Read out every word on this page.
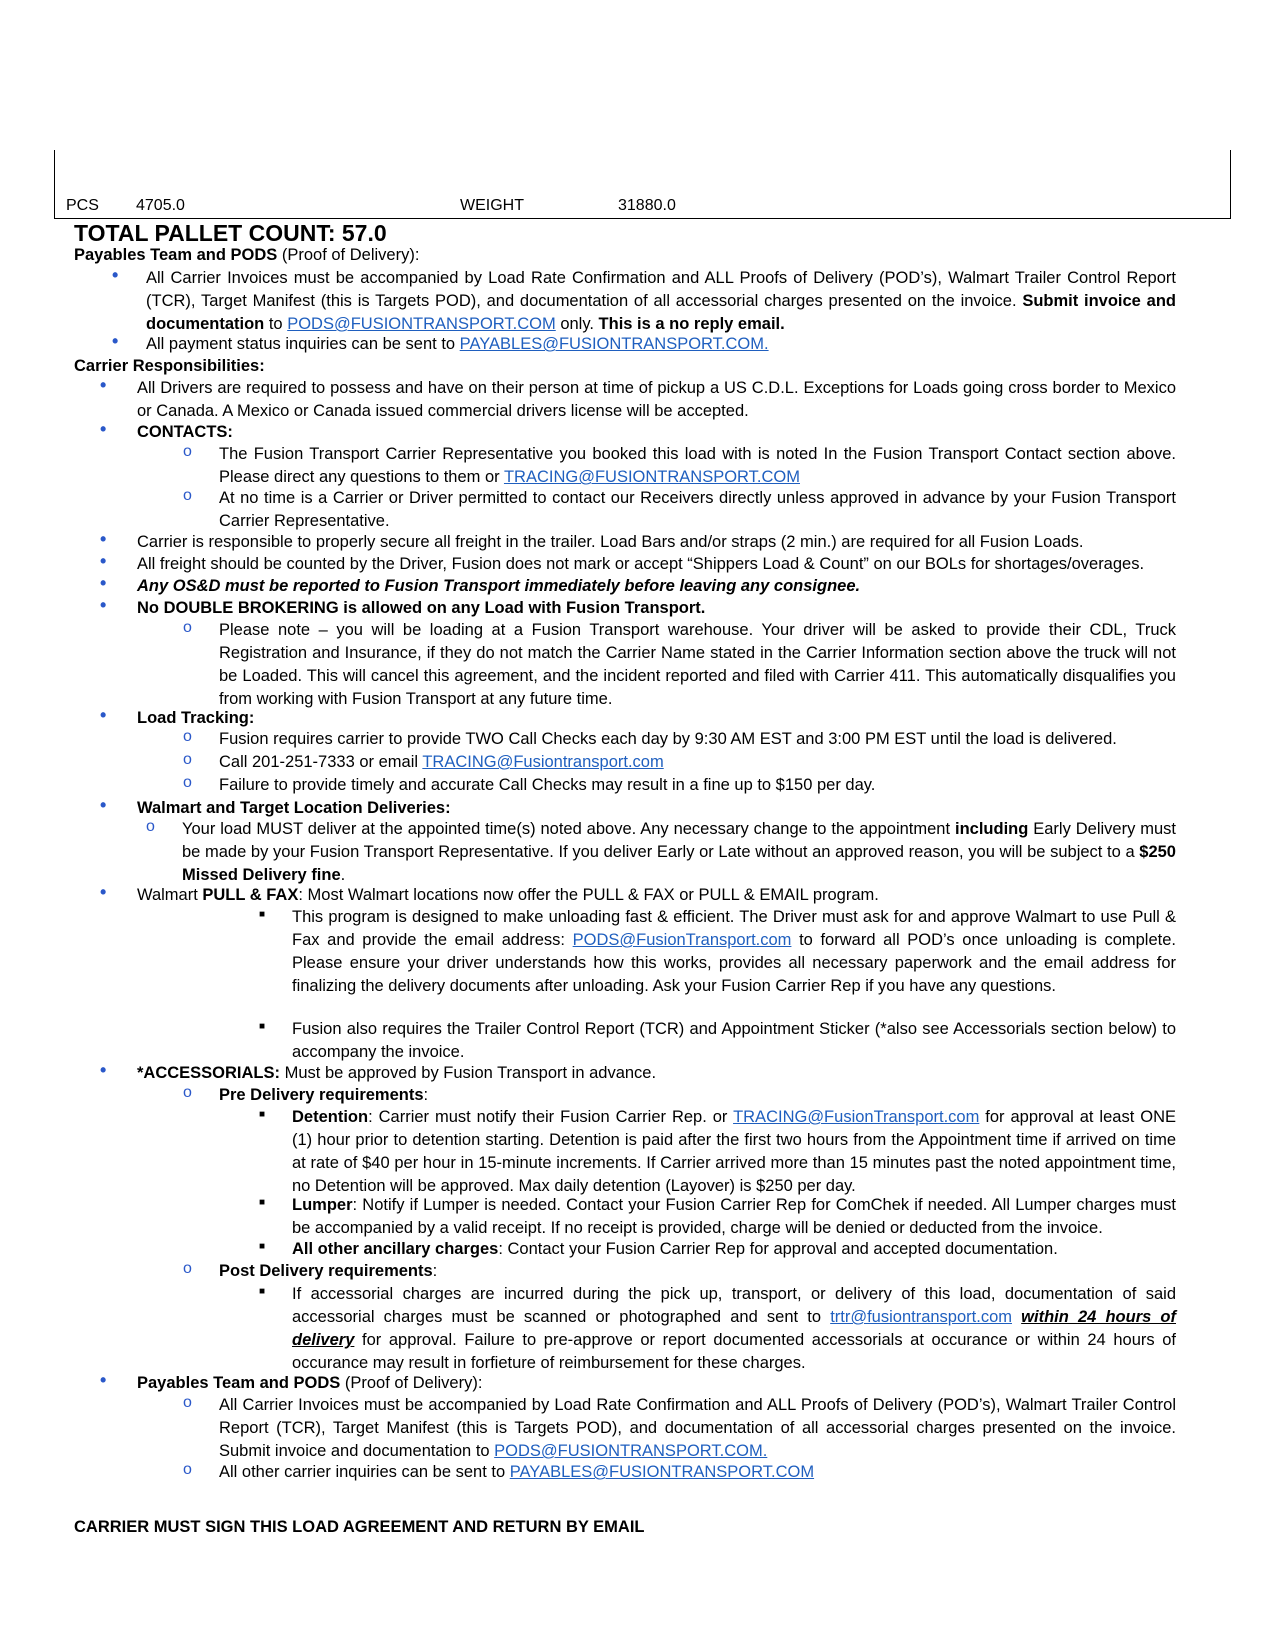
PCS 4705.0	WEIGHT	31880.0
TOTAL PALLET COUNT: 57.0
Payables Team and PODS (Proof of Delivery):
• All Carrier Invoices must be accompanied by Load Rate Confirmation and ALL Proofs of Delivery (POD’s), Walmart Trailer Control Report (TCR), Target Manifest (this is Targets POD), and documentation of all accessorial charges presented on the invoice. Submit invoice and documentation to PODS@FUSIONTRANSPORT.COM only. This is a no reply email.
• All payment status inquiries can be sent to PAYABLES@FUSIONTRANSPORT.COM.
Carrier Responsibilities:
• All Drivers are required to possess and have on their person at time of pickup a US C.D.L. Exceptions for Loads going cross border to Mexico or Canada. A Mexico or Canada issued commercial drivers license will be accepted.
• CONTACTS:
o The Fusion Transport Carrier Representative you booked this load with is noted In the Fusion Transport Contact section above. Please direct any questions to them or TRACING@FUSIONTRANSPORT.COM
o At no time is a Carrier or Driver permitted to contact our Receivers directly unless approved in advance by your Fusion Transport Carrier Representative.
• Carrier is responsible to properly secure all freight in the trailer. Load Bars and/or straps (2 min.) are required for all Fusion Loads.
• All freight should be counted by the Driver, Fusion does not mark or accept “Shippers Load & Count” on our BOLs for shortages/overages.
• Any OS&D must be reported to Fusion Transport immediately before leaving any consignee.
• No DOUBLE BROKERING is allowed on any Load with Fusion Transport.
o Please note – you will be loading at a Fusion Transport warehouse. Your driver will be asked to provide their CDL, Truck Registration and Insurance, if they do not match the Carrier Name stated in the Carrier Information section above the truck will not be Loaded. This will cancel this agreement, and the incident reported and filed with Carrier 411. This automatically disqualifies you from working with Fusion Transport at any future time.
• Load Tracking:
o Fusion requires carrier to provide TWO Call Checks each day by 9:30 AM EST and 3:00 PM EST until the load is delivered.
o Call 201-251-7333 or email TRACING@Fusiontransport.com
o Failure to provide timely and accurate Call Checks may result in a fine up to $150 per day.
• Walmart and Target Location Deliveries:
o Your load MUST deliver at the appointed time(s) noted above. Any necessary change to the appointment including Early Delivery must be made by your Fusion Transport Representative. If you deliver Early or Late without an approved reason, you will be subject to a $250 Missed Delivery fine.
• Walmart PULL & FAX: Most Walmart locations now offer the PULL & FAX or PULL & EMAIL program.
■ This program is designed to make unloading fast & efficient. The Driver must ask for and approve Walmart to use Pull & Fax and provide the email address: PODS@FusionTransport.com to forward all POD’s once unloading is complete. Please ensure your driver understands how this works, provides all necessary paperwork and the email address for finalizing the delivery documents after unloading. Ask your Fusion Carrier Rep if you have any questions.
■ Fusion also requires the Trailer Control Report (TCR) and Appointment Sticker (*also see Accessorials section below) to accompany the invoice.
• *ACCESSORIALS: Must be approved by Fusion Transport in advance.
o Pre Delivery requirements:
■ Detention: Carrier must notify their Fusion Carrier Rep. or TRACING@FusionTransport.com for approval at least ONE (1) hour prior to detention starting. Detention is paid after the first two hours from the Appointment time if arrived on time at rate of $40 per hour in 15-minute increments. If Carrier arrived more than 15 minutes past the noted appointment time, no Detention will be approved. Max daily detention (Layover) is $250 per day.
■ Lumper: Notify if Lumper is needed. Contact your Fusion Carrier Rep for ComChek if needed. All Lumper charges must be accompanied by a valid receipt. If no receipt is provided, charge will be denied or deducted from the invoice.
■ All other ancillary charges: Contact your Fusion Carrier Rep for approval and accepted documentation.
o Post Delivery requirements:
■ If accessorial charges are incurred during the pick up, transport, or delivery of this load, documentation of said accessorial charges must be scanned or photographed and sent to trtr@fusiontransport.com within 24 hours of delivery for approval. Failure to pre-approve or report documented accessorials at occurance or within 24 hours of occurance may result in forfieture of reimbursement for these charges.
• Payables Team and PODS (Proof of Delivery):
o All Carrier Invoices must be accompanied by Load Rate Confirmation and ALL Proofs of Delivery (POD’s), Walmart Trailer Control Report (TCR), Target Manifest (this is Targets POD), and documentation of all accessorial charges presented on the invoice. Submit invoice and documentation to PODS@FUSIONTRANSPORT.COM.
o All other carrier inquiries can be sent to PAYABLES@FUSIONTRANSPORT.COM
CARRIER MUST SIGN THIS LOAD AGREEMENT AND RETURN BY EMAIL
